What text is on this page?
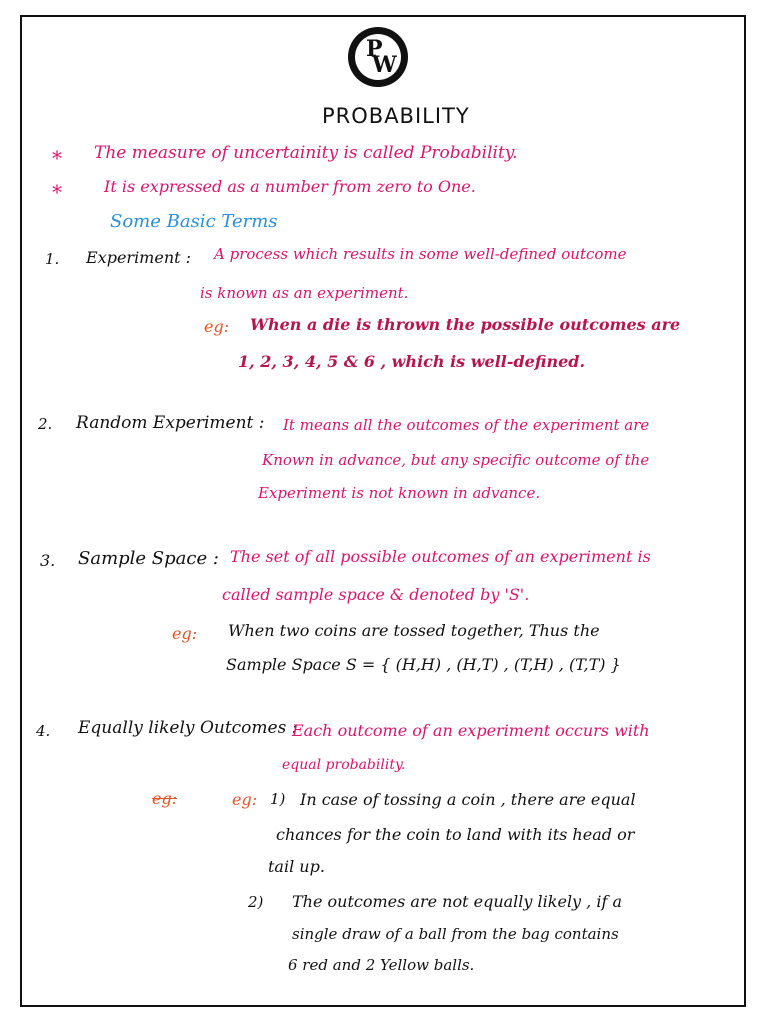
P
W
PROBABILITY
* The measure of uncertainity is called Probability.
*	It is expressed as a number from zero to One.
Some Basic Terms
1. Experiment : A process which results in some well-defined outcome
is known as an experiment.
eg: When a die is thrown the possible outcomes are
1, 2, 3, 4, 5 & 6 , which is well-defined.
2. Random Experiment : It means all the outcomes of the experiment are
Known in advance, but any specific outcome of the
Experiment is not known in advance.
3. Sample Space : The set of all possible outcomes of an experiment is
called sample space & denoted by 'S'.
eg: When two coins are tossed together, Thus the
Sample Space S = { (H,H) , (H,T) , (T,H) , (T,T) }
4. Equally likely Outcomes :
Each outcome of an experiment occurs with
equal probability.
eg:	eg: 1) In case of tossing a coin , there are equal
chances for the coin to land with its head or
tail up.
2) The outcomes are not equally likely , if a
single draw of a ball from the bag contains
6 red and 2 Yellow balls.
